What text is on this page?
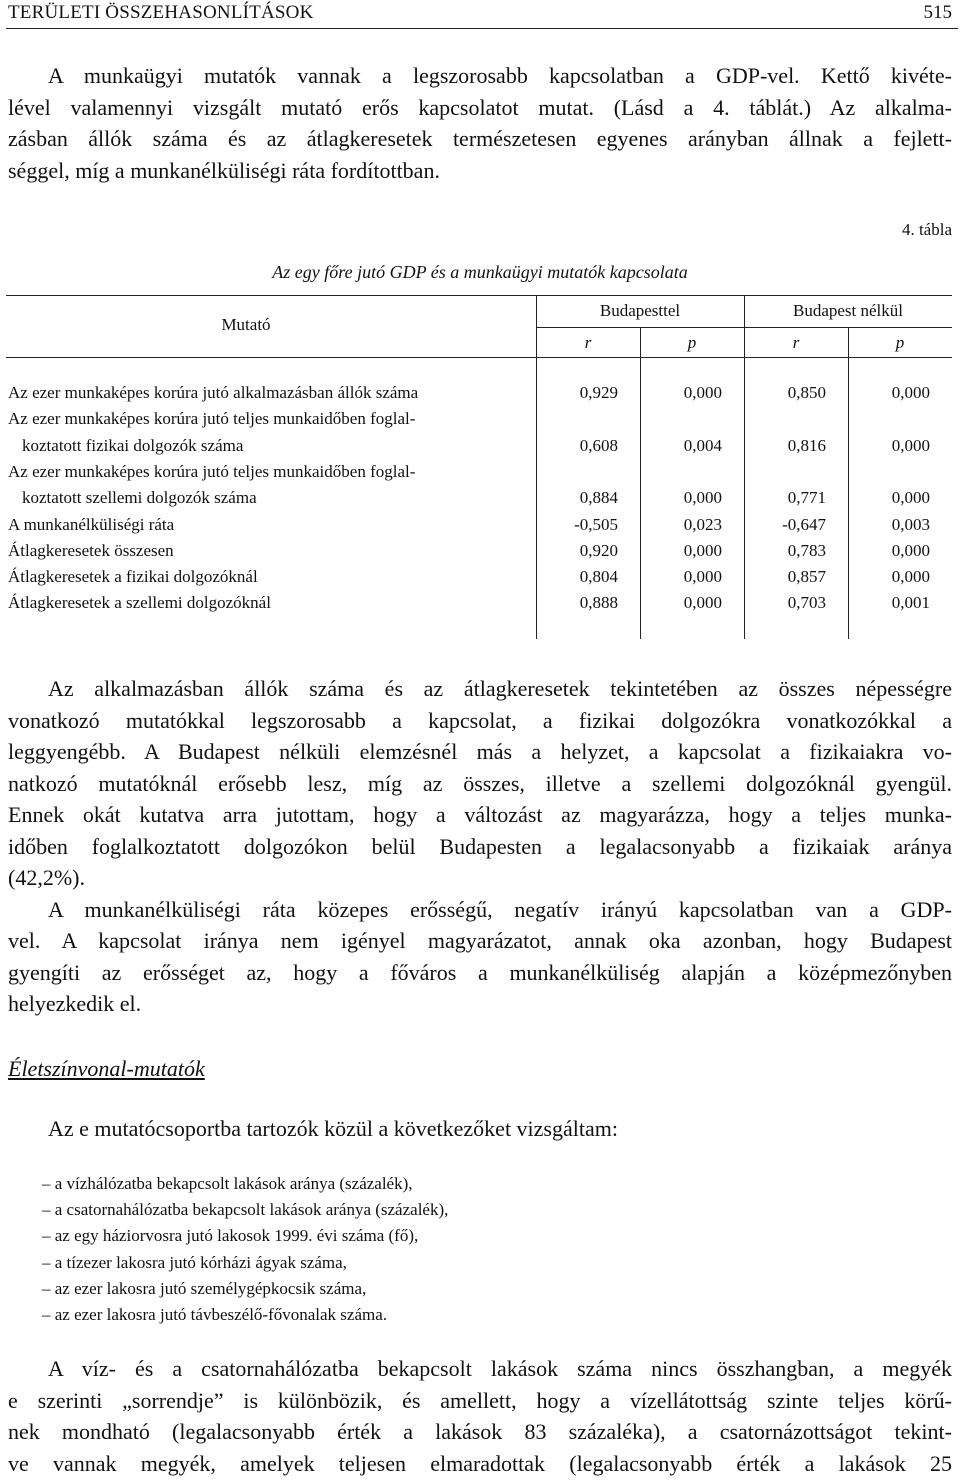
TERÜLETI ÖSSZEHASONLÍTÁSOK	515
A munkaügyi mutatók vannak a legszorosabb kapcsolatban a GDP-vel. Kettő kivéte-
lével valamennyi vizsgált mutató erős kapcsolatot mutat. (Lásd a 4. táblát.) Az alkalma-
zásban állók száma és az átlagkeresetek természetesen egyenes arányban állnak a fejlett-
séggel, míg a munkanélküliségi ráta fordítottban.
4. tábla
Az egy főre jutó GDP és a munkaügyi mutatók kapcsolata
Mutató
Budapesttel	Budapest nélkül
r	p	r	p
Az ezer munkaképes korúra jutó alkalmazásban állók száma	0,929	0,000	0,850	0,000
Az ezer munkaképes korúra jutó teljes munkaidőben foglal-
koztatott fizikai dolgozók száma	0,608	0,004	0,816	0,000
Az ezer munkaképes korúra jutó teljes munkaidőben foglal-
koztatott szellemi dolgozók száma	0,884	0,000	0,771	0,000
A munkanélküliségi ráta	-0,505	0,023	-0,647	0,003
Átlagkeresetek összesen	0,920	0,000	0,783	0,000
Átlagkeresetek a fizikai dolgozóknál	0,804	0,000	0,857	0,000
Átlagkeresetek a szellemi dolgozóknál	0,888	0,000	0,703	0,001
Az alkalmazásban állók száma és az átlagkeresetek tekintetében az összes népességre
vonatkozó mutatókkal legszorosabb a kapcsolat, a fizikai dolgozókra vonatkozókkal a
leggyengébb. A Budapest nélküli elemzésnél más a helyzet, a kapcsolat a fizikaiakra vo-
natkozó mutatóknál erősebb lesz, míg az összes, illetve a szellemi dolgozóknál gyengül.
Ennek okát kutatva arra jutottam, hogy a változást az magyarázza, hogy a teljes munka-
időben foglalkoztatott dolgozókon belül Budapesten a legalacsonyabb a fizikaiak aránya
(42,2%).
A munkanélküliségi ráta közepes erősségű, negatív irányú kapcsolatban van a GDP-
vel. A kapcsolat iránya nem igényel magyarázatot, annak oka azonban, hogy Budapest
gyengíti az erősséget az, hogy a főváros a munkanélküliség alapján a középmezőnyben
helyezkedik el.
Életszínvonal-mutatók
Az e mutatócsoportba tartozók közül a következőket vizsgáltam:
– a vízhálózatba bekapcsolt lakások aránya (százalék),
– a csatornahálózatba bekapcsolt lakások aránya (százalék),
– az egy háziorvosra jutó lakosok 1999. évi száma (fő),
– a tízezer lakosra jutó kórházi ágyak száma,
– az ezer lakosra jutó személygépkocsik száma,
– az ezer lakosra jutó távbeszélő-fővonalak száma.
A víz- és a csatornahálózatba bekapcsolt lakások száma nincs összhangban, a megyék
e szerinti „sorrendje” is különbözik, és amellett, hogy a vízellátottság szinte teljes körű-
nek mondható (legalacsonyabb érték a lakások 83 százaléka), a csatornázottságot tekint-
ve vannak megyék, amelyek teljesen elmaradottak (legalacsonyabb érték a lakások 25
